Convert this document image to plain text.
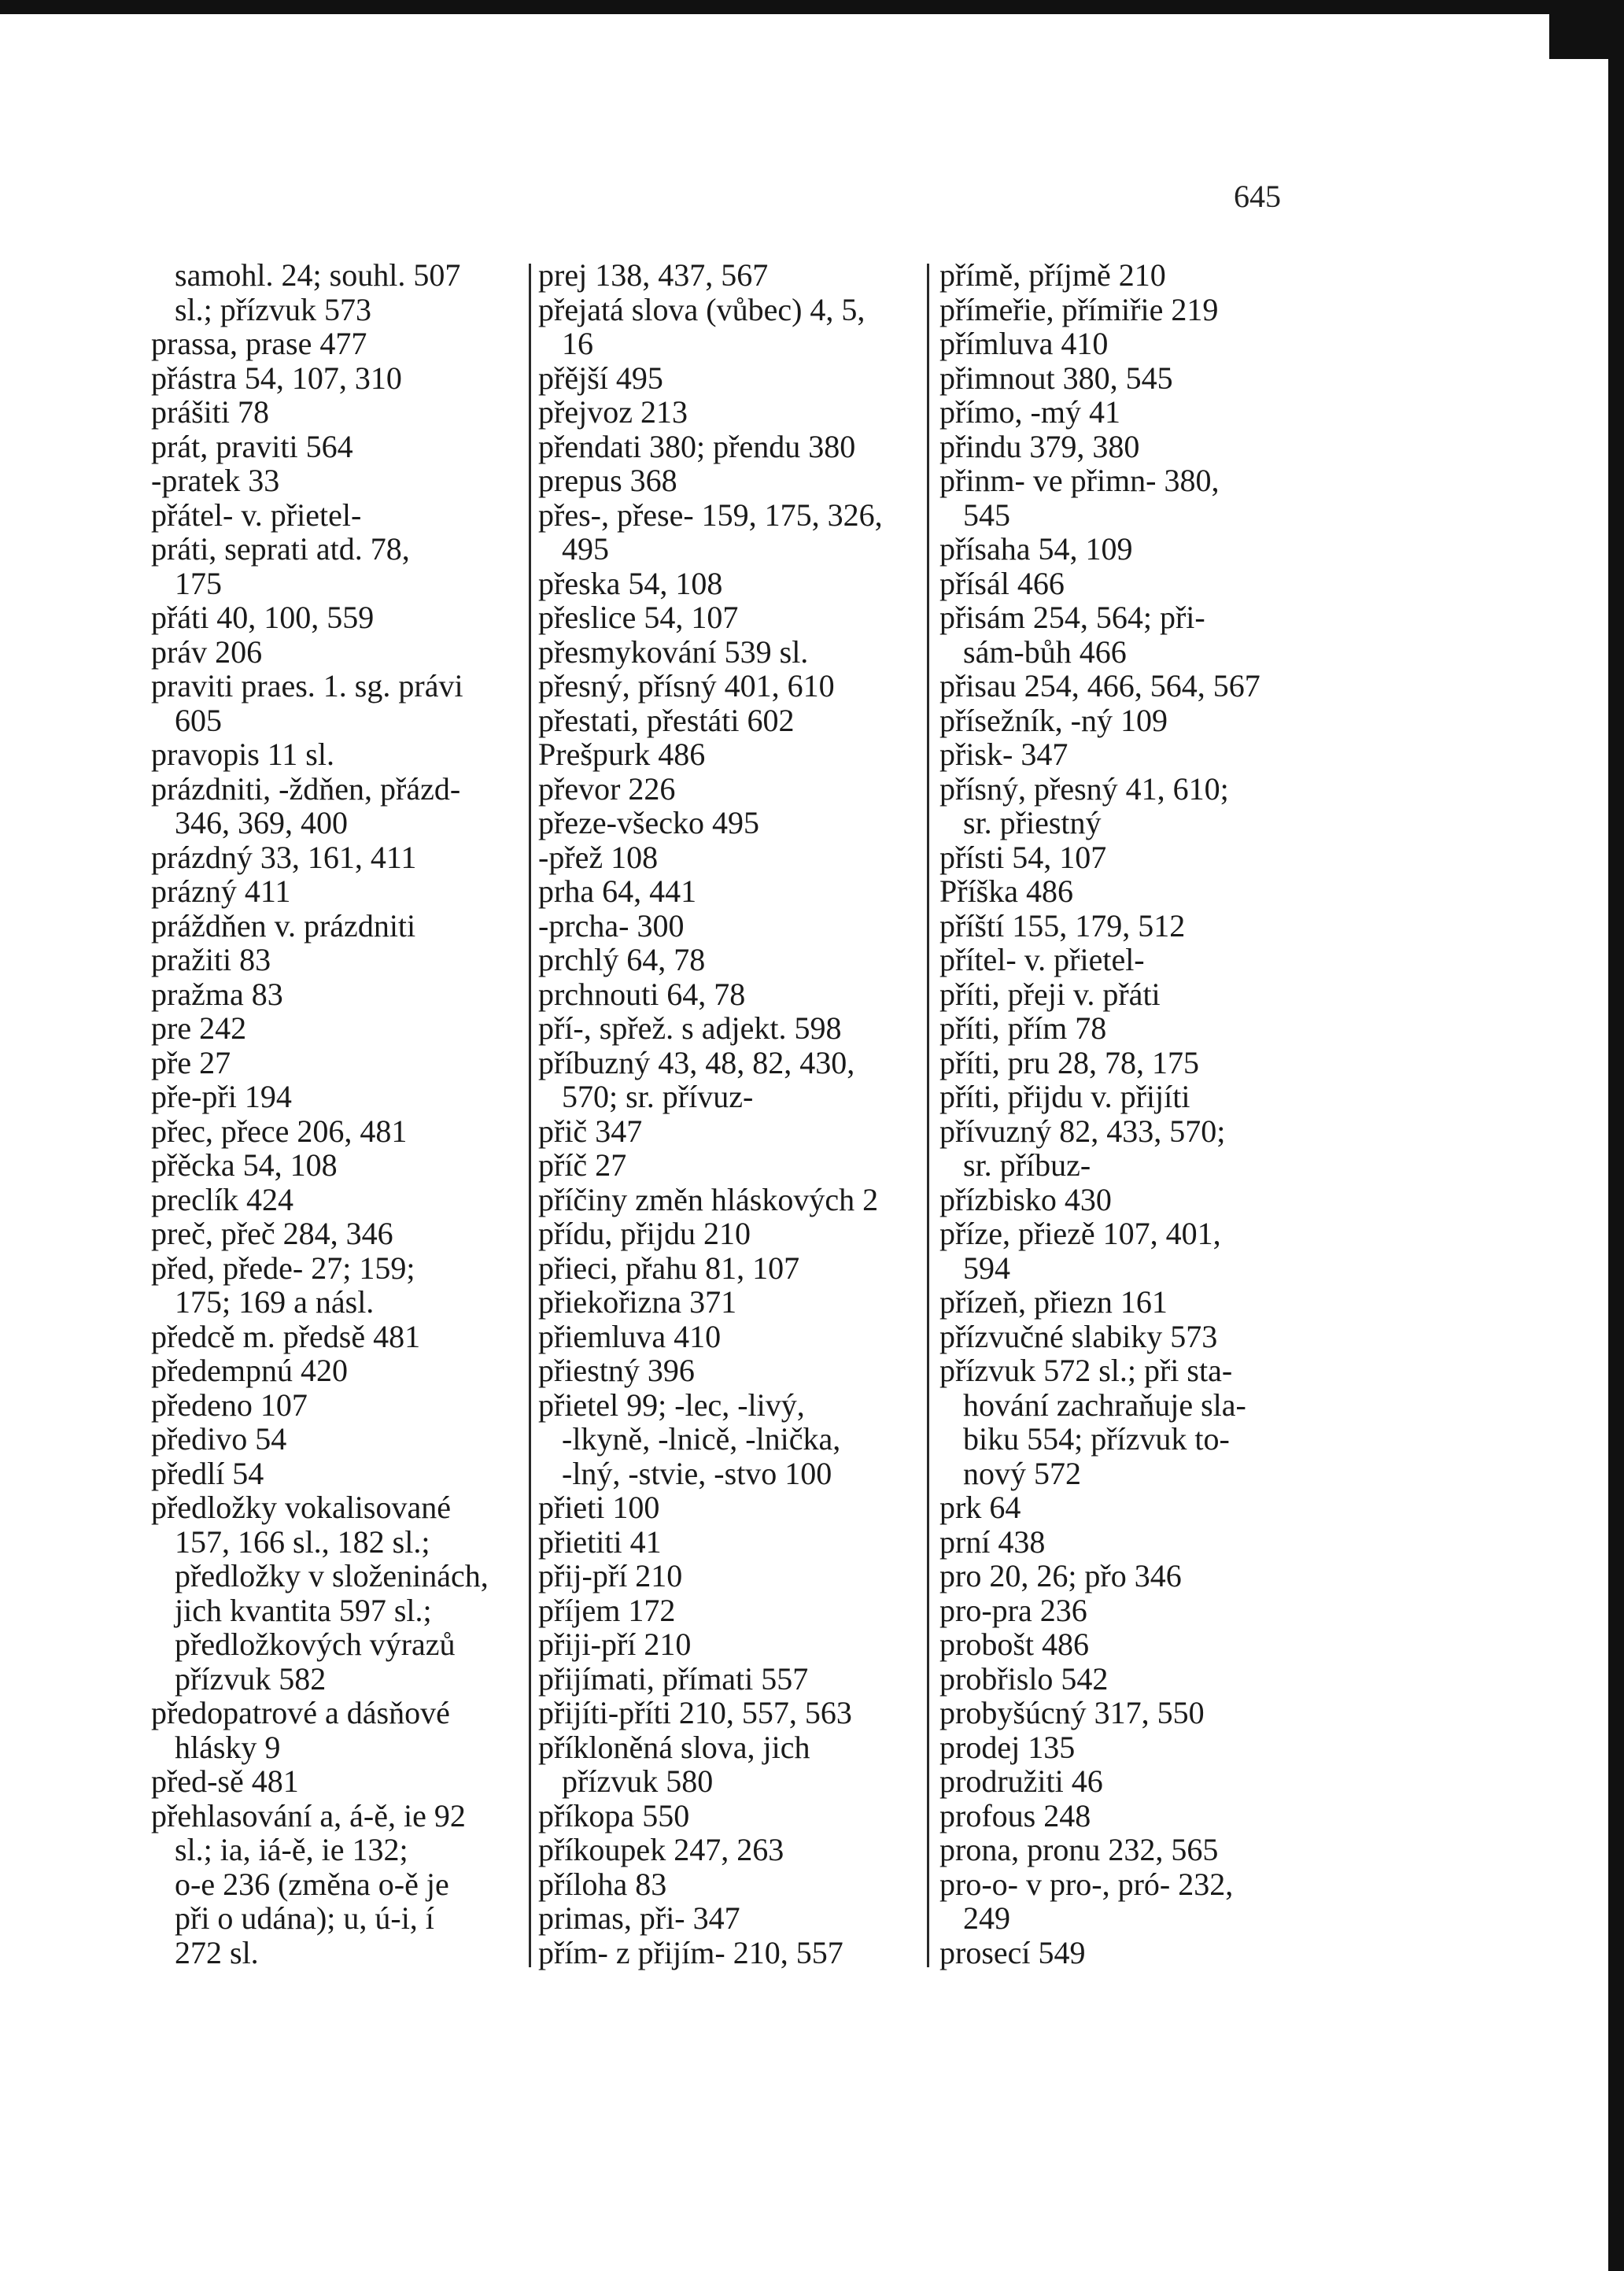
645
samohl. 24; souhl. 507
sl.; přízvuk 573
prassa, prase 477
přástra 54, 107, 310
prášiti 78
prát, praviti 564
-pratek 33
přátel- v. přietel-
práti, seprati atd. 78,
175
přáti 40, 100, 559
práv 206
praviti praes. 1. sg. právi
605
pravopis 11 sl.
prázdniti, -ždňen, přázd-
346, 369, 400
prázdný 33, 161, 411
prázný 411
práždňen v. prázdniti
pražiti 83
pražma 83
pre 242
pře 27
pře-při 194
přec, přece 206, 481
přěcka 54, 108
preclík 424
preč, přeč 284, 346
před, přede- 27; 159;
175; 169 a násl.
předcě m. předsě 481
předempnú 420
předeno 107
předivo 54
předlí 54
předložky vokalisované
157, 166 sl., 182 sl.;
předložky v složeninách,
jich kvantita 597 sl.;
předložkových výrazů
přízvuk 582
předopatrové a dásňové
hlásky 9
před-sě 481
přehlasování a, á-ě, ie 92
sl.; ia, iá-ě, ie 132;
o-e 236 (změna o-ě je
při o udána); u, ú-i, í
272 sl.
prej 138, 437, 567
přejatá slova (vůbec) 4, 5,
16
přější 495
přejvoz 213
přendati 380; přendu 380
prepus 368
přes-, přese- 159, 175, 326,
495
přeska 54, 108
přeslice 54, 107
přesmykování 539 sl.
přesný, přísný 401, 610
přestati, přestáti 602
Prešpurk 486
převor 226
přeze-všecko 495
-přež 108
prha 64, 441
-prcha- 300
prchlý 64, 78
prchnouti 64, 78
pří-, spřež. s adjekt. 598
příbuzný 43, 48, 82, 430,
570; sr. přívuz-
přič 347
příč 27
příčiny změn hláskových 2
přídu, přijdu 210
přieci, přahu 81, 107
přiekořizna 371
přiemluva 410
přiestný 396
přietel 99; -lec, -livý,
-lkyně, -lnicě, -lnička,
-lný, -stvie, -stvo 100
přieti 100
přietiti 41
přij-pří 210
příjem 172
přiji-pří 210
přijímati, přímati 557
přijíti-příti 210, 557, 563
příkloněná slova, jich
přízvuk 580
příkopa 550
příkoupek 247, 263
příloha 83
primas, při- 347
přím- z přijím- 210, 557
přímě, příjmě 210
přímeřie, přímiřie 219
přímluva 410
přimnout 380, 545
přímo, -mý 41
přindu 379, 380
přinm- ve přimn- 380,
545
přísaha 54, 109
přísál 466
přisám 254, 564; při-
sám-bůh 466
přisau 254, 466, 564, 567
přísežník, -ný 109
přisk- 347
přísný, přesný 41, 610;
sr. přiestný
přísti 54, 107
Příška 486
příští 155, 179, 512
přítel- v. přietel-
příti, přeji v. přáti
příti, přím 78
příti, pru 28, 78, 175
příti, přijdu v. přijíti
přívuzný 82, 433, 570;
sr. příbuz-
přízbisko 430
příze, přiezě 107, 401,
594
přízeň, přiezn 161
přízvučné slabiky 573
přízvuk 572 sl.; při sta-
hování zachraňuje sla-
biku 554; přízvuk to-
nový 572
prk 64
prní 438
pro 20, 26; přo 346
pro-pra 236
probošt 486
probřislo 542
probyšúcný 317, 550
prodej 135
prodružiti 46
profous 248
prona, pronu 232, 565
pro-o- v pro-, pró- 232,
249
prosecí 549
